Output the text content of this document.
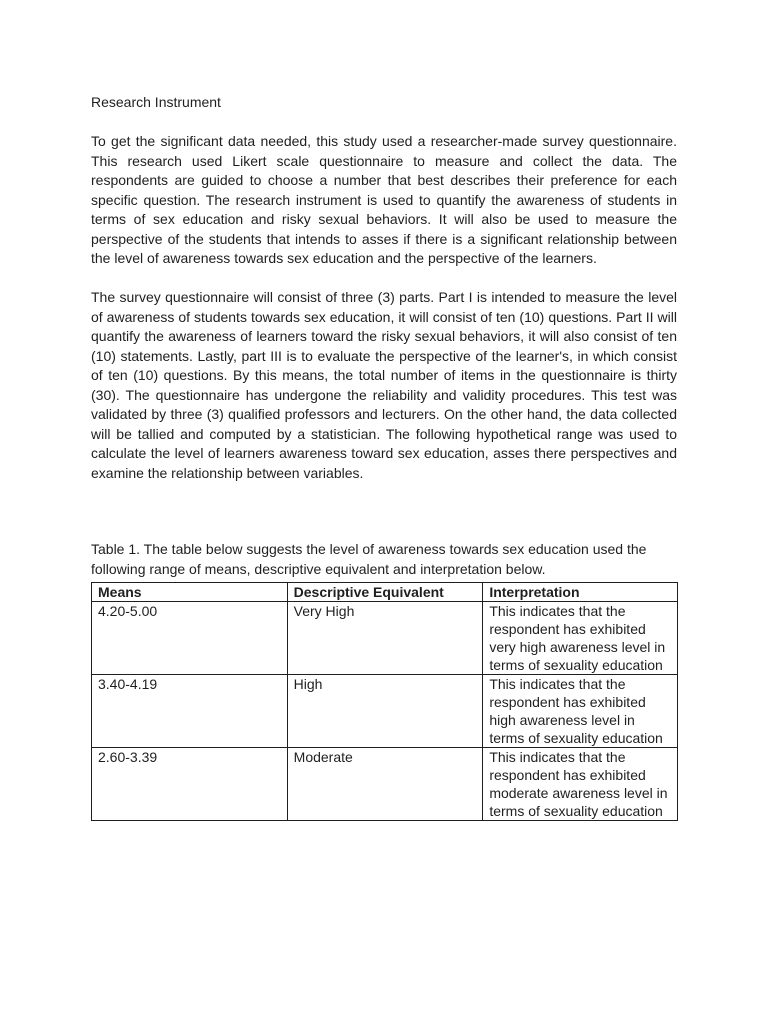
Research Instrument

To get the significant data needed, this study used a researcher-made survey questionnaire. This research used Likert scale questionnaire to measure and collect the data. The respondents are guided to choose a number that best describes their preference for each specific question. The research instrument is used to quantify the awareness of students in terms of sex education and risky sexual behaviors. It will also be used to measure the perspective of the students that intends to asses if there is a significant relationship between the level of awareness towards sex education and the perspective of the learners.

The survey questionnaire will consist of three (3) parts. Part I is intended to measure the level of awareness of students towards sex education, it will consist of ten (10) questions. Part II will quantify the awareness of learners toward the risky sexual behaviors, it will also consist of ten (10) statements. Lastly, part III is to evaluate the perspective of the learner's, in which consist of ten (10) questions. By this means, the total number of items in the questionnaire is thirty (30). The questionnaire has undergone the reliability and validity procedures. This test was validated by three (3) qualified professors and lecturers. On the other hand, the data collected will be tallied and computed by a statistician. The following hypothetical range was used to calculate the level of learners awareness toward sex education, asses there perspectives and examine the relationship between variables.

Table 1. The table below suggests the level of awareness towards sex education used the following range of means, descriptive equivalent and interpretation below.

Means	Descriptive Equivalent	Interpretation
4.20-5.00	Very High	This indicates that the respondent has exhibited very high awareness level in terms of sexuality education
3.40-4.19	High	This indicates that the respondent has exhibited high awareness level in terms of sexuality education
2.60-3.39	Moderate	This indicates that the respondent has exhibited moderate awareness level in terms of sexuality education
